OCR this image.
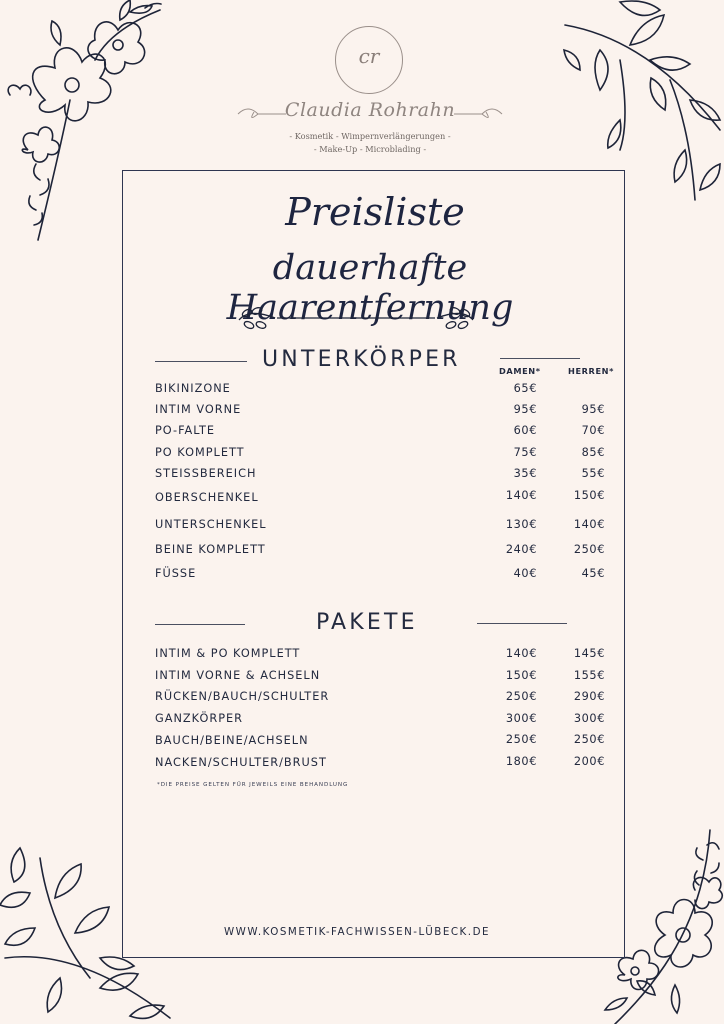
cr
Claudia Rohrahn
- Kosmetik - Wimpernverlängerungen -
- Make-Up - Microblading -
Preisliste
dauerhafte Haarentfernung
UNTERKÖRPER	DAMEN*	HERREN*
BIKINIZONE	65€
INTIM VORNE	95€	95€
PO-FALTE	60€	70€
PO KOMPLETT	75€	85€
STEISSBEREICH	35€	55€
OBERSCHENKEL	140€	150€
UNTERSCHENKEL	130€	140€
BEINE KOMPLETT	240€	250€
FÜSSE	40€	45€
PAKETE
INTIM & PO KOMPLETT	140€	145€
INTIM VORNE & ACHSELN	150€	155€
RÜCKEN/BAUCH/SCHULTER	250€	290€
GANZKÖRPER	300€	300€
BAUCH/BEINE/ACHSELN	250€	250€
NACKEN/SCHULTER/BRUST	180€	200€
*DIE PREISE GELTEN FÜR JEWEILS EINE BEHANDLUNG
WWW.KOSMETIK-FACHWISSEN-LÜBECK.DE
